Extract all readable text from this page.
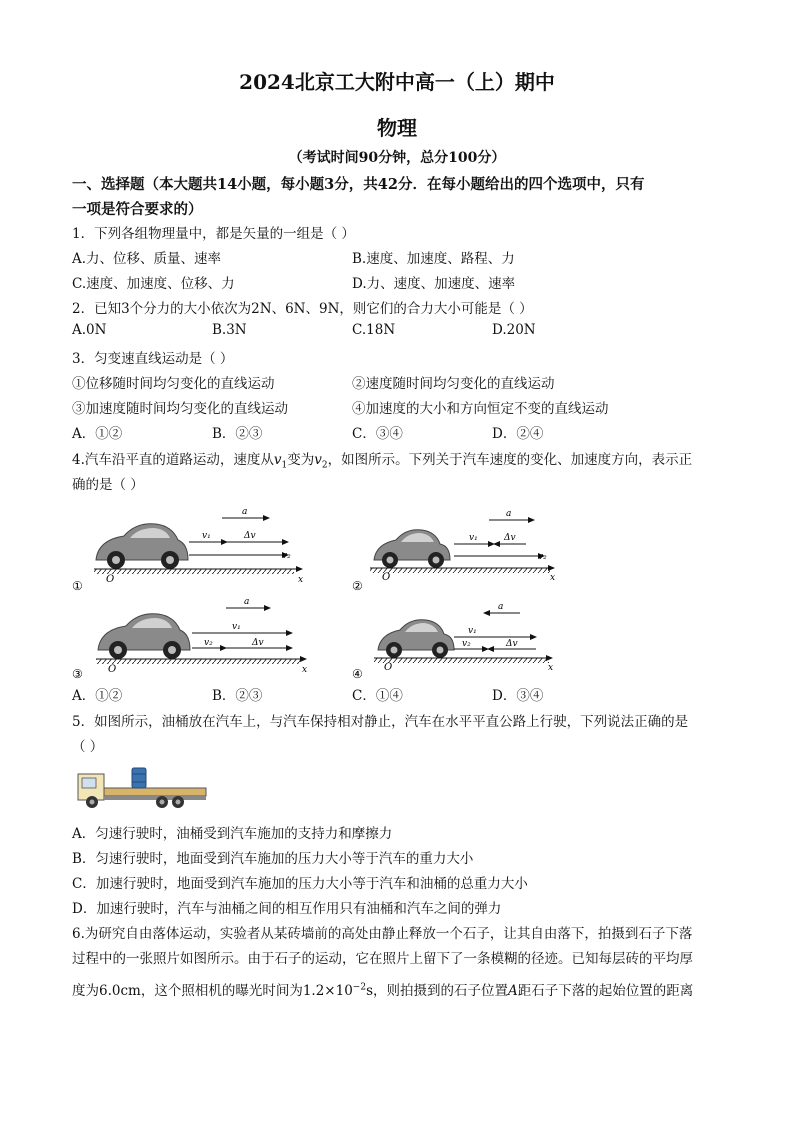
2024北京工大附中高一（上）期中
物理
（考试时间90分钟，总分100分）
一、选择题（本大题共14小题，每小题3分，共42分．在每小题给出的四个选项中，只有
一项是符合要求的）
1．下列各组物理量中，都是矢量的一组是（ ）
A.力、位移、质量、速率	B.速度、加速度、路程、力
C.速度、加速度、位移、力	D.力、速度、加速度、速率
2．已知3个分力的大小依次为2N、6N、9N，则它们的合力大小可能是（ ）
A.0N	B.3N	C.18N	D.20N
3．匀变速直线运动是（ ）
①位移随时间均匀变化的直线运动	②速度随时间均匀变化的直线运动
③加速度随时间均匀变化的直线运动	④加速度的大小和方向恒定不变的直线运动
A．①②	B．②③	C．③④	D．②④
4.汽车沿平直的道路运动，速度从$v_1$变为$v_2$，如图所示。下列关于汽车速度的变化、加速度方向，表示正
确的是（ ）
O	x
a
v₁	Δv
v₂
①
O	x
a
v₁	Δv
v₂
②
O	x
a
v₁
v₂	Δv
③	O	x
a
v₁
v₂	Δv
④
A．①②	B．②③	C．①④	D．③④
5．如图所示，油桶放在汽车上，与汽车保持相对静止，汽车在水平平直公路上行驶，下列说法正确的是
（ ）
A．匀速行驶时，油桶受到汽车施加的支持力和摩擦力
B．匀速行驶时，地面受到汽车施加的压力大小等于汽车的重力大小
C．加速行驶时，地面受到汽车施加的压力大小等于汽车和油桶的总重力大小
D．加速行驶时，汽车与油桶之间的相互作用只有油桶和汽车之间的弹力
6.为研究自由落体运动，实验者从某砖墙前的高处由静止释放一个石子，让其自由落下，拍摄到石子下落
过程中的一张照片如图所示。由于石子的运动，它在照片上留下了一条模糊的径迹。已知每层砖的平均厚
度为6.0cm，这个照相机的曝光时间为$1.2\times 10^{-2}s$，则拍摄到的石子位置A距石子下落的起始位置的距离
